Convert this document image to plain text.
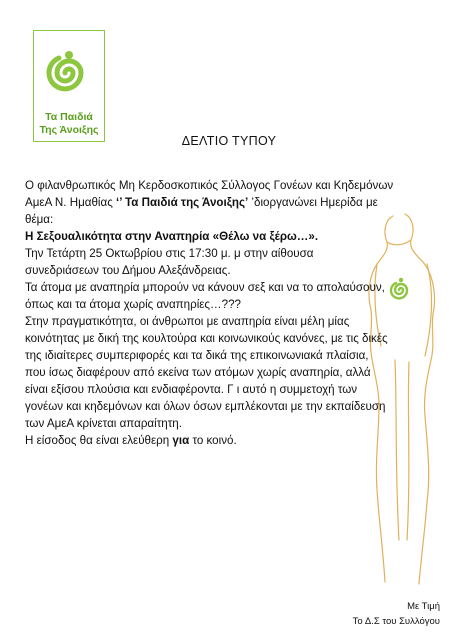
Τα Παιδιά
Της Άνοιξης
ΔΕΛΤΙΟ ΤΥΠΟΥ

Ο φιλανθρωπικός Μη Κερδοσκοπικός Σύλλογος Γονέων και Κηδεμόνων

ΑμεΑ Ν. Ημαθίας ‘’ Τα Παιδιά της Άνοιξης’ ’διοργανώνει Ημερίδα με

θέμα:

Η Σεξουαλικότητα στην Αναπηρία «Θέλω να ξέρω…».

Την Τετάρτη 25 Οκτωβρίου στις 17:30 μ. μ στην αίθουσα

συνεδριάσεων του Δήμου Αλεξάνδρειας.

Τα άτομα με αναπηρία μπορούν να κάνουν σεξ και να το απολαύσουν,

όπως και τα άτομα χωρίς αναπηρίες…???

Στην πραγματικότητα, οι άνθρωποι με αναπηρία είναι μέλη μίας

κοινότητας με δική της κουλτούρα και κοινωνικούς κανόνες, με τις δικές

της ιδιαίτερες συμπεριφορές και τα δικά της επικοινωνιακά πλαίσια,

που ίσως διαφέρουν από εκείνα των ατόμων χωρίς αναπηρία, αλλά

είναι εξίσου πλούσια και ενδιαφέροντα. Γ ι αυτό η συμμετοχή των

γονέων και κηδεμόνων και όλων όσων εμπλέκονται με την εκπαίδευση

των ΑμεΑ κρίνεται απαραίτητη.

Η είσοδος θα είναι ελεύθερη για το κοινό.

Με Τιμή
Το Δ.Σ του Συλλόγου
